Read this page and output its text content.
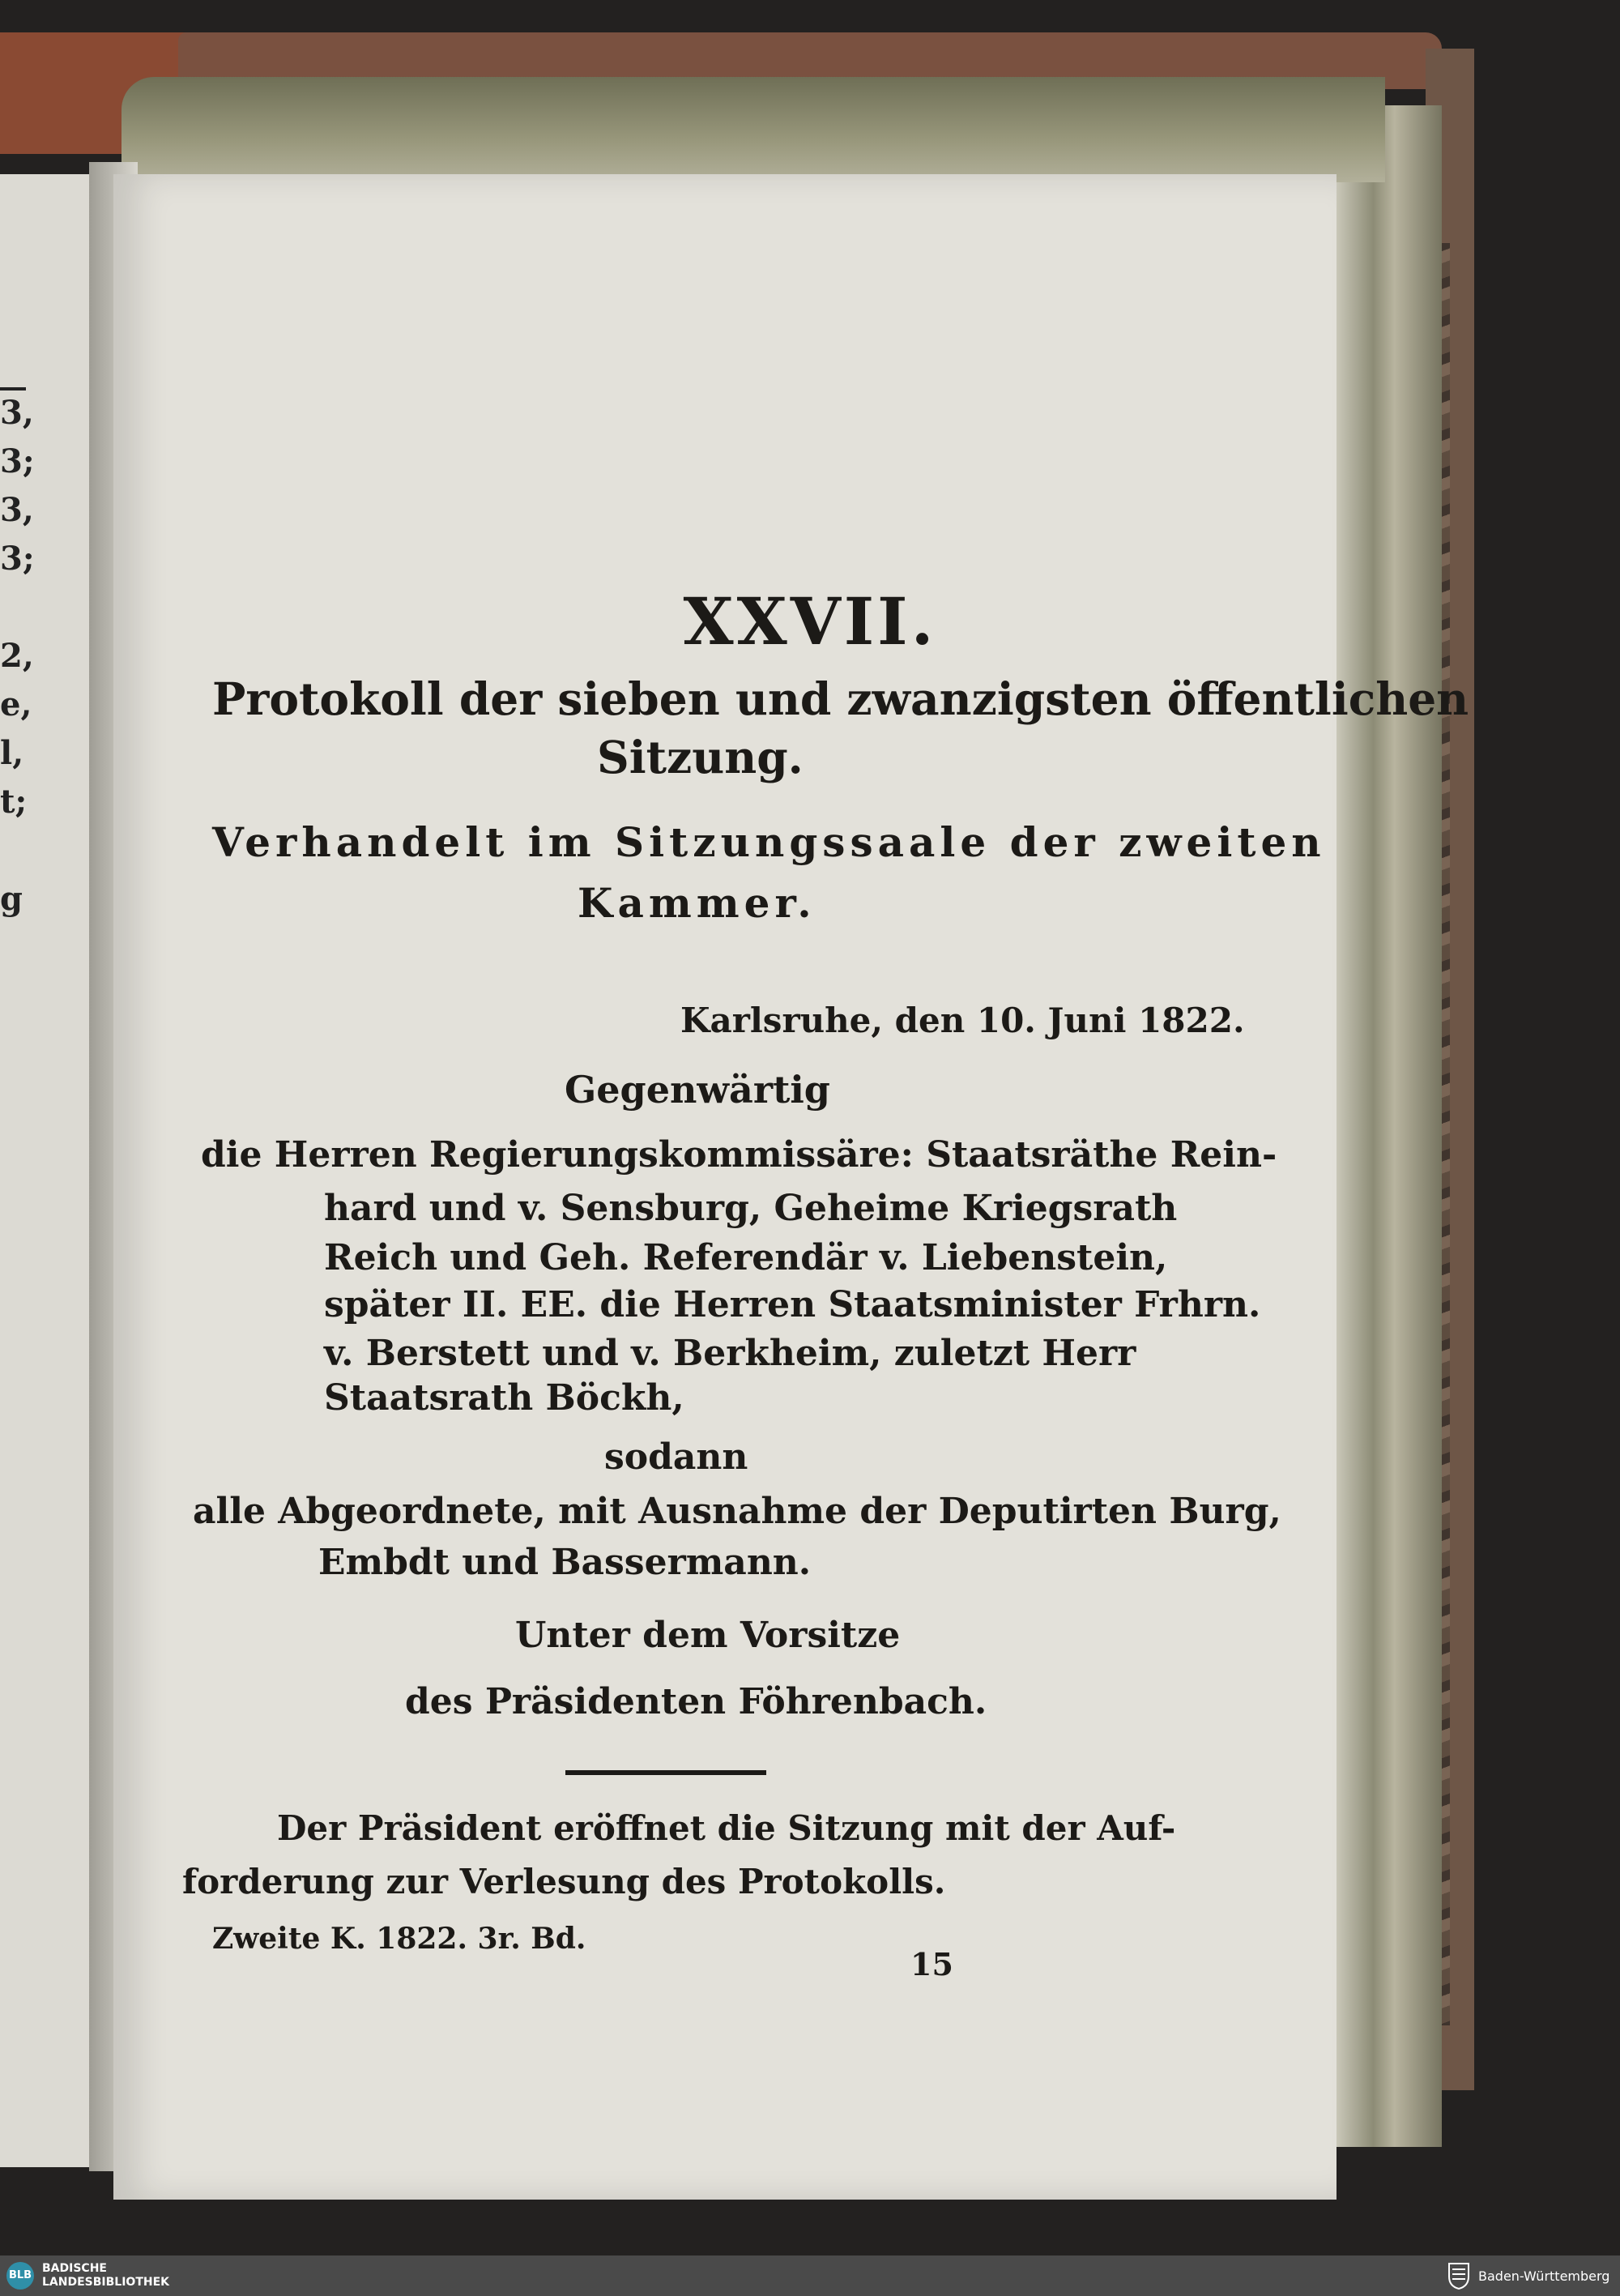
3,
3;
3,
3;
2,
e,
l,
t;
g
XXVII.
Protokoll der sieben und zwanzigsten öffentlichen
Sitzung.
Verhandelt im Sitzungssaale der zweiten
Kammer.
Karlsruhe, den 10. Juni 1822.
Gegenwärtig
die Herren Regierungskommissäre: Staatsräthe Rein-
hard und v. Sensburg, Geheime Kriegsrath
Reich und Geh. Referendär v. Liebenstein,
später II. EE. die Herren Staatsminister Frhrn.
v. Berstett und v. Berkheim, zuletzt Herr
Staatsrath Böckh,
sodann
alle Abgeordnete, mit Ausnahme der Deputirten Burg,
Embdt und Bassermann.
Unter dem Vorsitze
des Präsidenten Föhrenbach.
Der Präsident eröffnet die Sitzung mit der Auf-
forderung zur Verlesung des Protokolls.
Zweite K. 1822. 3r. Bd.
15
BLB
BADISCHE
LANDESBIBLIOTHEK	Baden-Württemberg
